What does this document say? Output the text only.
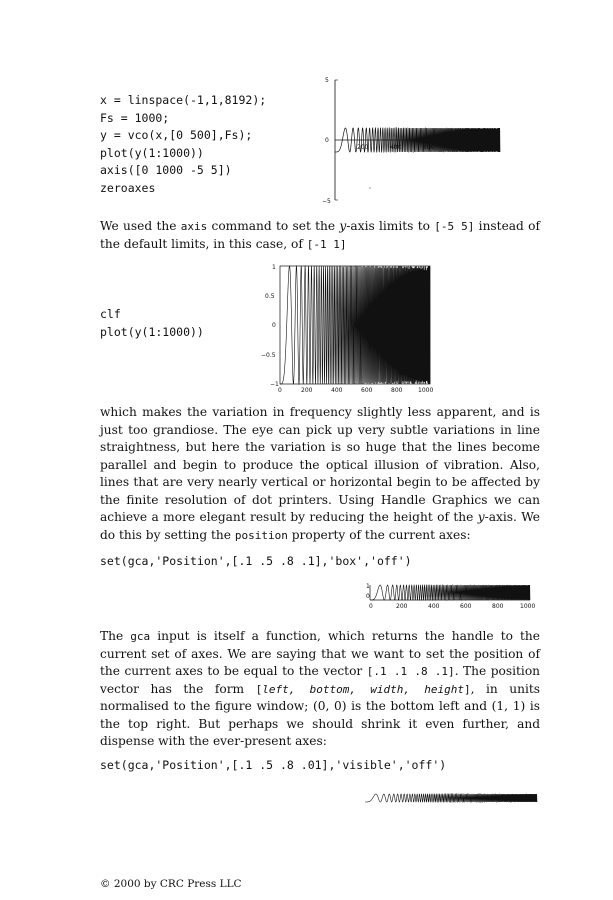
x = linspace(-1,1,8192);
Fs = 1000;
y = vco(x,[0 500],Fs);
plot(y(1:1000))
axis([0 1000 -5 5])
zeroaxes
5
0
−5
200	400	600	800	1000

We used the axis command to set the y-axis limits to [-5 5] instead of the default limits, in this case, of [-1 1]

clf
plot(y(1:1000))
1
0.5
0
−0.5
−1
0	200	400	600	800	1000

which makes the variation in frequency slightly less apparent, and is just too grandiose. The eye can pick up very subtle variations in line straightness, but here the variation is so huge that the lines become parallel and begin to produce the optical illusion of vibration. Also, lines that are very nearly vertical or horizontal begin to be affected by the finite resolution of dot printers. Using Handle Graphics we can achieve a more elegant result by reducing the height of the y-axis. We do this by setting the position property of the current axes:

set(gca,'Position',[.1 .5 .8 .1],'box','off')
1
0
0	200	400	600	800	1000

The gca input is itself a function, which returns the handle to the current set of axes. We are saying that we want to set the position of the current axes to be equal to the vector [.1 .1 .8 .1]. The position vector has the form [left, bottom, width, height], in units normalised to the figure window; (0, 0) is the bottom left and (1, 1) is the top right. But perhaps we should shrink it even further, and dispense with the ever-present axes:

set(gca,'Position',[.1 .5 .8 .01],'visible','off')

© 2000 by CRC Press LLC
